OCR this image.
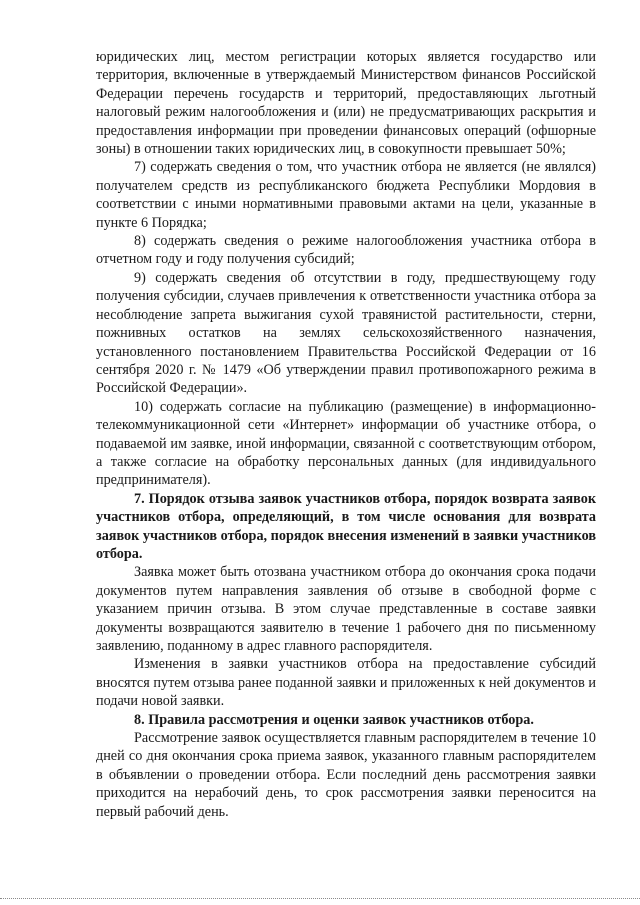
юридических лиц, местом регистрации которых является государство или территория, включенные в утверждаемый Министерством финансов Российской Федерации перечень государств и территорий, предоставляющих льготный налоговый режим налогообложения и (или) не предусматривающих раскрытия и предоставления информации при проведении финансовых операций (офшорные зоны) в отношении таких юридических лиц, в совокупности превышает 50%;

7) содержать сведения о том, что участник отбора не является (не являлся) получателем средств из республиканского бюджета Республики Мордовия в соответствии с иными нормативными правовыми актами на цели, указанные в пункте 6 Порядка;

8) содержать сведения о режиме налогообложения участника отбора в отчетном году и году получения субсидий;

9) содержать сведения об отсутствии в году, предшествующему году получения субсидии, случаев привлечения к ответственности участника отбора за несоблюдение запрета выжигания сухой травянистой растительности, стерни, пожнивных остатков на землях сельскохозяйственного назначения, установленного постановлением Правительства Российской Федерации от 16 сентября 2020 г. № 1479 «Об утверждении правил противопожарного режима в Российской Федерации».

10) содержать согласие на публикацию (размещение) в информационно-телекоммуникационной сети «Интернет» информации об участнике отбора, о подаваемой им заявке, иной информации, связанной с соответствующим отбором, а также согласие на обработку персональных данных (для индивидуального предпринимателя).

7. Порядок отзыва заявок участников отбора, порядок возврата заявок участников отбора, определяющий, в том числе основания для возврата заявок участников отбора, порядок внесения изменений в заявки участников отбора.

Заявка может быть отозвана участником отбора до окончания срока подачи документов путем направления заявления об отзыве в свободной форме с указанием причин отзыва. В этом случае представленные в составе заявки документы возвращаются заявителю в течение 1 рабочего дня по письменному заявлению, поданному в адрес главного распорядителя.

Изменения в заявки участников отбора на предоставление субсидий вносятся путем отзыва ранее поданной заявки и приложенных к ней документов и подачи новой заявки.

8. Правила рассмотрения и оценки заявок участников отбора.

Рассмотрение заявок осуществляется главным распорядителем в течение 10 дней со дня окончания срока приема заявок, указанного главным распорядителем в объявлении о проведении отбора. Если последний день рассмотрения заявки приходится на нерабочий день, то срок рассмотрения заявки переносится на первый рабочий день.
